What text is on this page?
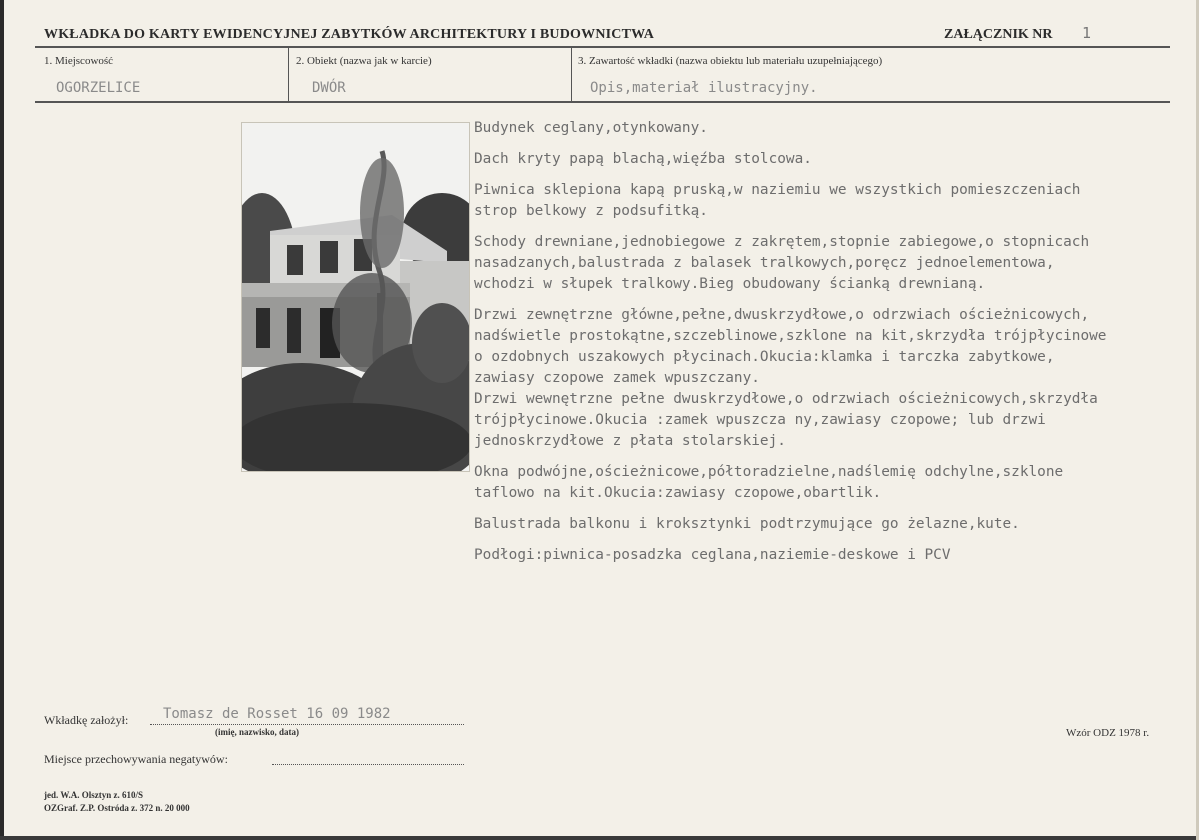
WKŁADKA DO KARTY EWIDENCYJNEJ ZABYTKÓW ARCHITEKTURY I BUDOWNICTWA	ZAŁĄCZNIK NR 1
1. Miejscowość
OGORZELICE
2. Obiekt (nazwa jak w karcie)
DWÓR
3. Zawartość wkładki (nazwa obiektu lub materiału uzupełniającego)
Opis,materiał ilustracyjny.

Budynek ceglany,otynkowany.

Dach kryty papą blachą,więźba stolcowa.

Piwnica sklepiona kapą pruską,w naziemiu we wszystkich pomieszczeniach

strop belkowy z podsufitką.

Schody drewniane,jednobiegowe z zakrętem,stopnie zabiegowe,o stopnicach

nasadzanych,balustrada z balasek tralkowych,poręcz jednoelementowa,

wchodzi w słupek tralkowy.Bieg obudowany ścianką drewnianą.

Drzwi zewnętrzne główne,pełne,dwuskrzydłowe,o odrzwiach ościeżnicowych,

nadświetle prostokątne,szczeblinowe,szklone na kit,skrzydła trójpłycinowe

o ozdobnych uszakowych płycinach.Okucia:klamka i tarczka zabytkowe,

zawiasy czopowe zamek wpuszczany.

Drzwi wewnętrzne pełne dwuskrzydłowe,o odrzwiach ościeżnicowych,skrzydła

trójpłycinowe.Okucia :zamek wpuszcza ny,zawiasy czopowe; lub drzwi

jednoskrzydłowe z płata stolarskiej.

Okna podwójne,ościeżnicowe,półtoradzielne,nadślemię odchylne,szklone

taflowo na kit.Okucia:zawiasy czopowe,obartlik.

Balustrada balkonu i kroksztynki podtrzymujące go żelazne,kute.

Podłogi:piwnica-posadzka ceglana,naziemie-deskowe i PCV

Wkładkę założył: Tomasz de Rosset 16 09 1982
(imię, nazwisko, data)
Miejsce przechowywania negatywów:
Wzór ODZ 1978 r.
jed. W.A. Olsztyn z. 610/S
OZGraf. Z.P. Ostróda z. 372 n. 20 000
